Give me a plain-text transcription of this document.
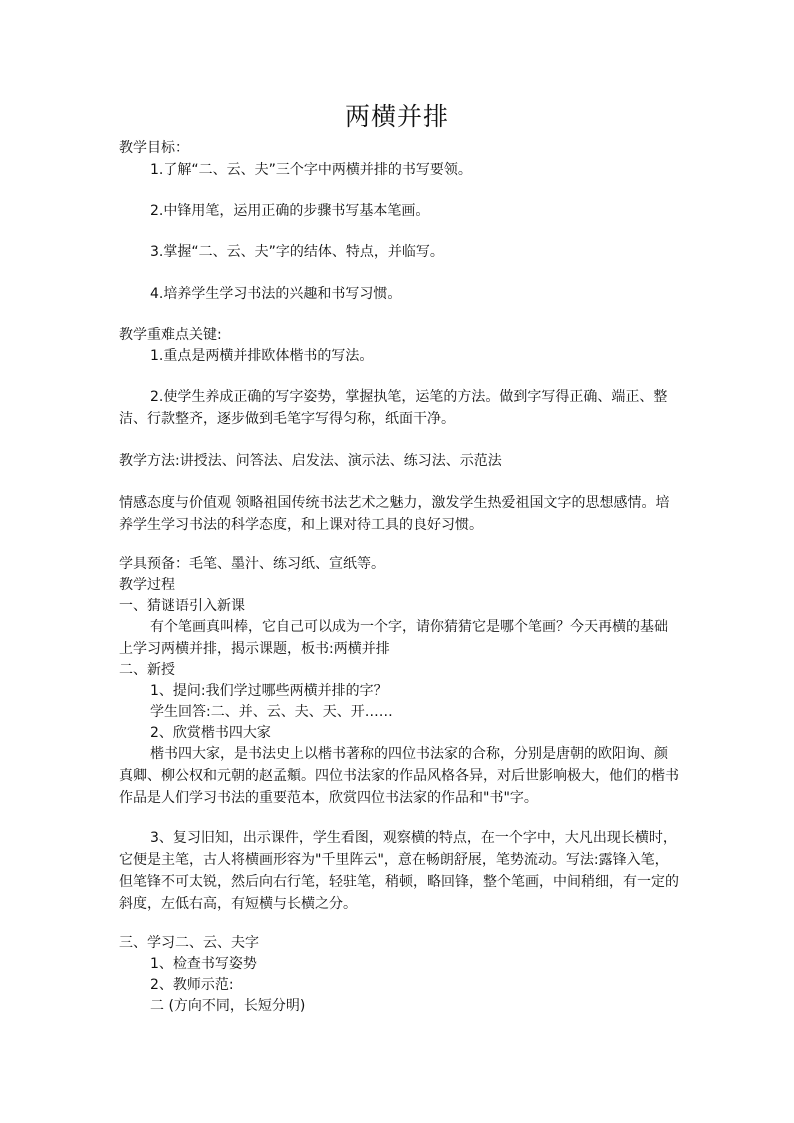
两横并排
教学目标：
1.了解“二、云、夫”三个字中两横并排的书写要领。
2.中锋用笔，运用正确的步骤书写基本笔画。
3.掌握“二、云、夫”字的结体、特点，并临写。
4.培养学生学习书法的兴趣和书写习惯。
教学重难点关键:
1.重点是两横并排欧体楷书的写法。
2.使学生养成正确的写字姿势，掌握执笔，运笔的方法。做到字写得正确、端正、整洁、行款整齐，逐步做到毛笔字写得匀称，纸面干净。
教学方法:讲授法、问答法、启发法、演示法、练习法、示范法
情感态度与价值观 领略祖国传统书法艺术之魅力，激发学生热爱祖国文字的思想感情。培养学生学习书法的科学态度，和上课对待工具的良好习惯。
学具预备：毛笔、墨汁、练习纸、宣纸等。
教学过程
一、猜谜语引入新课
有个笔画真叫棒，它自己可以成为一个字，请你猜猜它是哪个笔画？今天再横的基础上学习两横并排，揭示课题，板书:两横并排
二、新授
1、提问:我们学过哪些两横并排的字？
学生回答:二、并、云、夫、天、开……
2、欣赏楷书四大家
楷书四大家，是书法史上以楷书著称的四位书法家的合称，分别是唐朝的欧阳询、颜真卿、柳公权和元朝的赵孟頫。四位书法家的作品风格各异，对后世影响极大，他们的楷书作品是人们学习书法的重要范本，欣赏四位书法家的作品和"书"字。
3、复习旧知，出示课件，学生看图，观察横的特点，在一个字中，大凡出现长横时，它便是主笔，古人将横画形容为"千里阵云"，意在畅朗舒展，笔势流动。写法:露锋入笔，但笔锋不可太锐，然后向右行笔，轻驻笔，稍顿，略回锋，整个笔画，中间稍细，有一定的斜度，左低右高，有短横与长横之分。
三、学习二、云、夫字
1、检查书写姿势
2、教师示范:
二 (方向不同，长短分明)
